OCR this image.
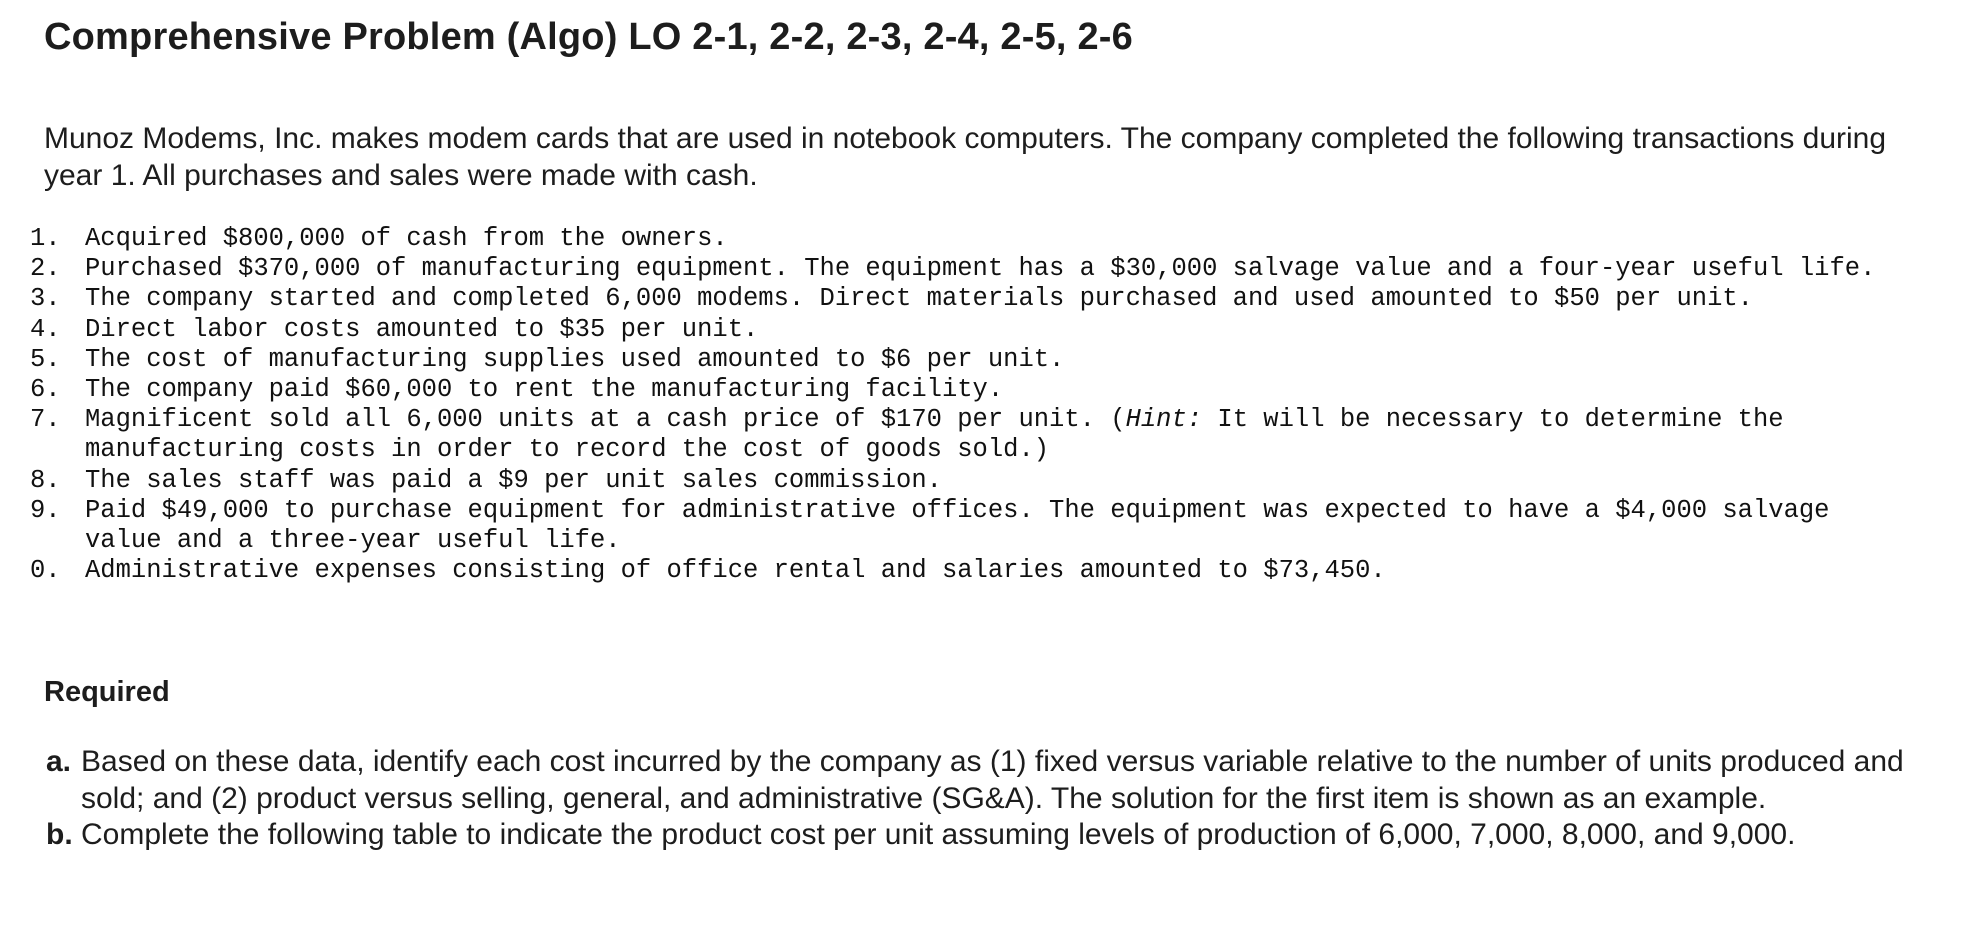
Comprehensive Problem (Algo) LO 2-1, 2-2, 2-3, 2-4, 2-5, 2-6

Munoz Modems, Inc. makes modem cards that are used in notebook computers. The company completed the following transactions during year 1. All purchases and sales were made with cash.

1. Acquired $800,000 of cash from the owners.
2. Purchased $370,000 of manufacturing equipment. The equipment has a $30,000 salvage value and a four-year useful life.
3. The company started and completed 6,000 modems. Direct materials purchased and used amounted to $50 per unit.
4. Direct labor costs amounted to $35 per unit.
5. The cost of manufacturing supplies used amounted to $6 per unit.
6. The company paid $60,000 to rent the manufacturing facility.
7. Magnificent sold all 6,000 units at a cash price of $170 per unit. (Hint: It will be necessary to determine the manufacturing costs in order to record the cost of goods sold.)
8. The sales staff was paid a $9 per unit sales commission.
9. Paid $49,000 to purchase equipment for administrative offices. The equipment was expected to have a $4,000 salvage value and a three-year useful life.
0. Administrative expenses consisting of office rental and salaries amounted to $73,450.
Required
a. Based on these data, identify each cost incurred by the company as (1) fixed versus variable relative to the number of units produced and sold; and (2) product versus selling, general, and administrative (SG&A). The solution for the first item is shown as an example.
b. Complete the following table to indicate the product cost per unit assuming levels of production of 6,000, 7,000, 8,000, and 9,000.
